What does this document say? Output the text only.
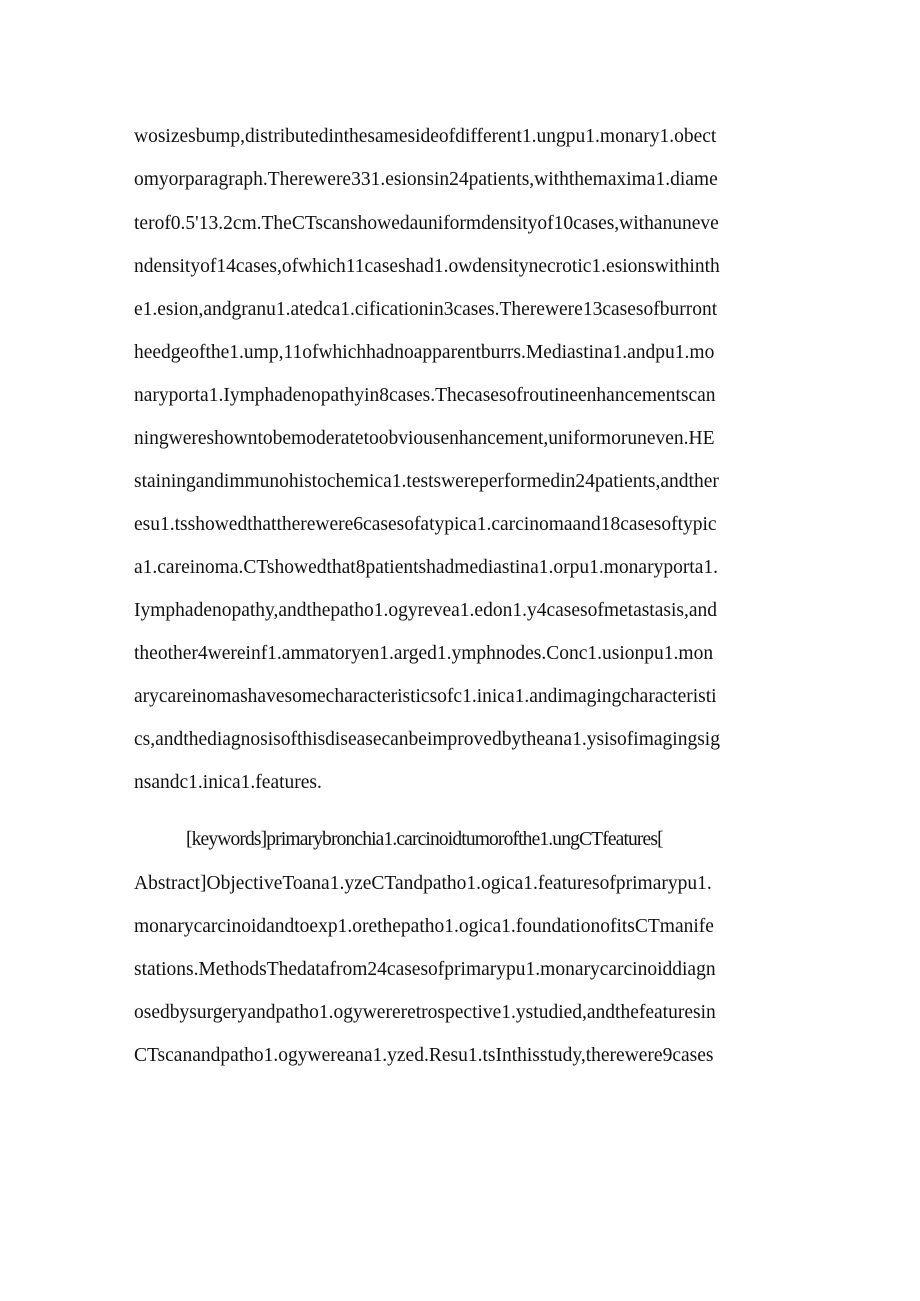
wosizesbump,distributedinthesamesideofdifferent1.ungpu1.monary1.obect
omyorparagraph.Therewere331.esionsin24patients,withthemaxima1.diame
terof0.5'13.2cm.TheCTscanshowedauniformdensityof10cases,withanuneve
ndensityof14cases,ofwhich11caseshad1.owdensitynecrotic1.esionswithinth
e1.esion,andgranu1.atedca1.cificationin3cases.Therewere13casesofburront
heedgeofthe1.ump,11ofwhichhadnoapparentburrs.Mediastina1.andpu1.mo
naryporta1.Iymphadenopathyin8cases.Thecasesofroutineenhancementscan
ningwereshowntobemoderatetoobviousenhancement,uniformoruneven.HE
stainingandimmunohistochemica1.testswereperformedin24patients,andther
esu1.tsshowedthattherewere6casesofatypica1.carcinomaand18casesoftypic
a1.careinoma.CTshowedthat8patientshadmediastina1.orpu1.monaryporta1.
Iymphadenopathy,andthepatho1.ogyrevea1.edon1.y4casesofmetastasis,and
theother4wereinf1.ammatoryen1.arged1.ymphnodes.Conc1.usionpu1.mon
arycareinomashavesomecharacteristicsofc1.inica1.andimagingcharacteristi
cs,andthediagnosisofthisdiseasecanbeimprovedbytheana1.ysisofimagingsig
nsandc1.inica1.features.
[keywords]primarybronchia1.carcinoidtumorofthe1.ungCTfeatures[
Abstract]ObjectiveToana1.yzeCTandpatho1.ogica1.featuresofprimarypu1.
monarycarcinoidandtoexp1.orethepatho1.ogica1.foundationofitsCTmanife
stations.MethodsThedatafrom24casesofprimarypu1.monarycarcinoiddiagn
osedbysurgeryandpatho1.ogywereretrospective1.ystudied,andthefeaturesin
CTscanandpatho1.ogywereana1.yzed.Resu1.tsInthisstudy,therewere9cases
